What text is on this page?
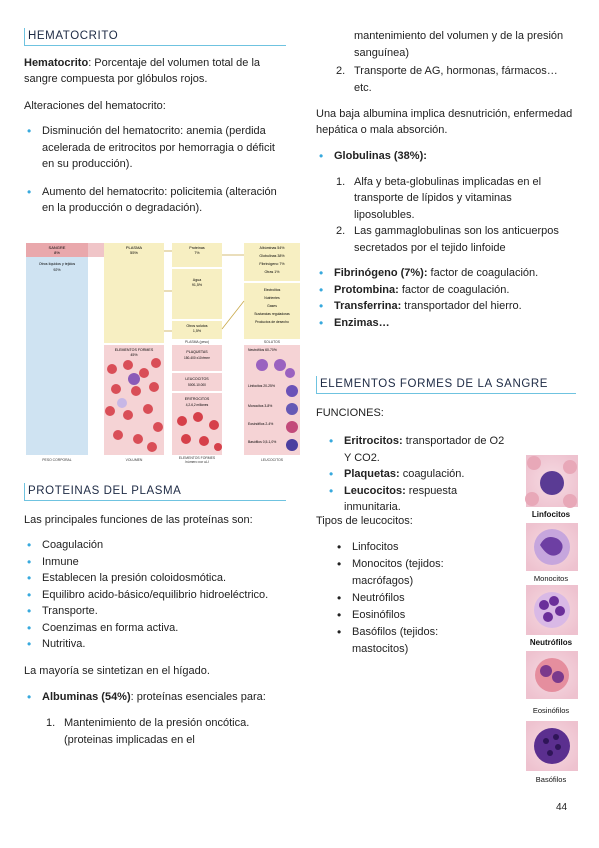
HEMATOCRITO

Hematocrito: Porcentaje del volumen total de la sangre compuesta por glóbulos rojos.

Alteraciones del hematocrito:

• Disminución del hematocrito: anemia (perdida acelerada de eritrocitos por hemorragia o déficit en su producción).
• Aumento del hematocrito: policitemia (alteración en la producción o degradación).
SANGRE
8%
Otros líquidos y tejidos
92%
PLASMA
55%
ELEMENTOS FORMES
45%
Proteínas
7%
Agua
91,5%
Otros solutos
1,5%
Albúminas 54%
Globulinas 38%
Fibrinógeno 7%
Otras 1%
Electrolitos
Nutrientes
Gases
Sustancias reguladoras
Productos de desecho
PLAQUETAS
150-400 x10³/mm³
LEUCOCITOS
5000-10.000
ERITROCITOS
4,2-6,2 millones
Neutrófilos 60-70%
Linfocitos 20-25%
Monocitos 3-8%
Eosinófilos 2-4%
Basófilos 0,5-1,0%
PESO CORPORAL	VOLUMEN	ELEMENTOS FORMES
(número por µL)	LEUCOCITOS
PLASMA (peso)	SOLUTOS
PROTEINAS DEL PLASMA

Las principales funciones de las proteínas son:

• Coagulación
• Inmune
• Establecen la presión coloidosmótica.
• Equilibro acido-básico/equilibrio hidroeléctrico.
• Transporte.
• Coenzimas en forma activa.
• Nutritiva.

La mayoría se sintetizan en el hígado.

• Albuminas (54%): proteínas esenciales para:
1. Mantenimiento de la presión oncótica. (proteinas implicadas en el
mantenimiento del volumen y de la presión sanguínea)
2. Transporte de AG, hormonas, fármacos… etc.

Una baja albumina implica desnutrición, enfermedad hepática o mala absorción.

• Globulinas (38%):
1. Alfa y beta-globulinas implicadas en el transporte de lípidos y vitaminas liposolubles.
2. Las gammaglobulinas son los anticuerpos secretados por el tejido linfoide
• Fibrinógeno (7%): factor de coagulación.
• Protombina: factor de coagulación.
• Transferrina: transportador del hierro.
• Enzimas…
ELEMENTOS FORMES DE LA SANGRE

FUNCIONES:

• Eritrocitos: transportador de O2 Y CO2.
• Plaquetas: coagulación.
• Leucocitos: respuesta inmunitaria.

Tipos de leucocitos:

• Linfocitos
• Monocitos (tejidos: macrófagos)
• Neutrófilos
• Eosinófilos
• Basófilos (tejidos: mastocitos)
Linfocitos
Monocitos
Neutrófilos
Eosinófilos
Basófilos
44
